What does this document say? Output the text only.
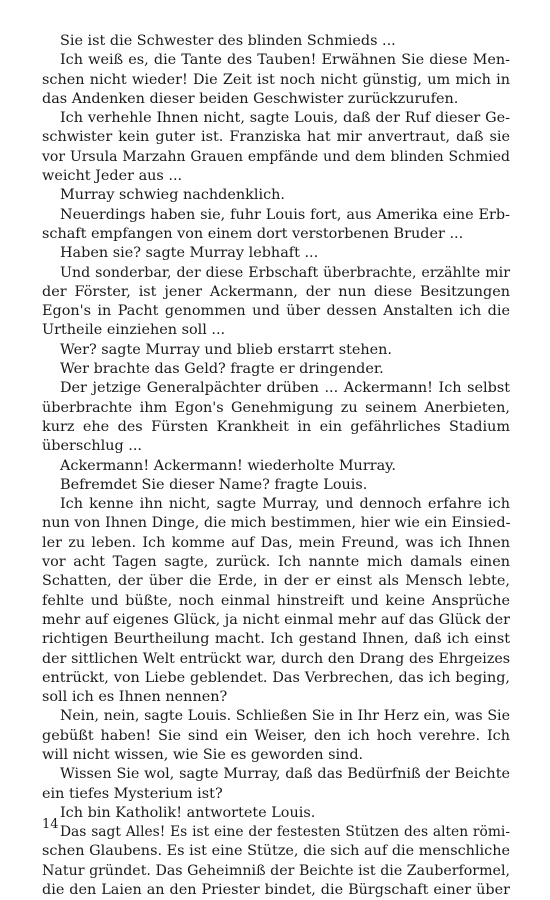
Sie ist die Schwester des blinden Schmieds ...
Ich weiß es, die Tante des Tauben! Erwähnen Sie diese Men-
schen nicht wieder! Die Zeit ist noch nicht günstig, um mich in
das Andenken dieser beiden Geschwister zurückzurufen.
Ich verhehle Ihnen nicht, sagte Louis, daß der Ruf dieser Ge-
schwister kein guter ist. Franziska hat mir anvertraut, daß sie
vor Ursula Marzahn Grauen empfände und dem blinden Schmied
weicht Jeder aus ...
Murray schwieg nachdenklich.
Neuerdings haben sie, fuhr Louis fort, aus Amerika eine Erb-
schaft empfangen von einem dort verstorbenen Bruder ...
Haben sie? sagte Murray lebhaft ...
Und sonderbar, der diese Erbschaft überbrachte, erzählte mir
der Förster, ist jener Ackermann, der nun diese Besitzungen
Egon's in Pacht genommen und über dessen Anstalten ich die
Urtheile einziehen soll ...
Wer? sagte Murray und blieb erstarrt stehen.
Wer brachte das Geld? fragte er dringender.
Der jetzige Generalpächter drüben ... Ackermann! Ich selbst
überbrachte ihm Egon's Genehmigung zu seinem Anerbieten,
kurz ehe des Fürsten Krankheit in ein gefährliches Stadium
überschlug ...
Ackermann! Ackermann! wiederholte Murray.
Befremdet Sie dieser Name? fragte Louis.
Ich kenne ihn nicht, sagte Murray, und dennoch erfahre ich
nun von Ihnen Dinge, die mich bestimmen, hier wie ein Einsied-
ler zu leben. Ich komme auf Das, mein Freund, was ich Ihnen
vor acht Tagen sagte, zurück. Ich nannte mich damals einen
Schatten, der über die Erde, in der er einst als Mensch lebte,
fehlte und büßte, noch einmal hinstreift und keine Ansprüche
mehr auf eigenes Glück, ja nicht einmal mehr auf das Glück der
richtigen Beurtheilung macht. Ich gestand Ihnen, daß ich einst
der sittlichen Welt entrückt war, durch den Drang des Ehrgeizes
entrückt, von Liebe geblendet. Das Verbrechen, das ich beging,
soll ich es Ihnen nennen?
Nein, nein, sagte Louis. Schließen Sie in Ihr Herz ein, was Sie
gebüßt haben! Sie sind ein Weiser, den ich hoch verehre. Ich
will nicht wissen, wie Sie es geworden sind.
Wissen Sie wol, sagte Murray, daß das Bedürfniß der Beichte
ein tiefes Mysterium ist?
Ich bin Katholik! antwortete Louis.
Das sagt Alles! Es ist eine der festesten Stützen des alten römi-
schen Glaubens. Es ist eine Stütze, die sich auf die menschliche
Natur gründet. Das Geheimniß der Beichte ist die Zauberformel,
die den Laien an den Priester bindet, die Bürgschaft einer über
14
